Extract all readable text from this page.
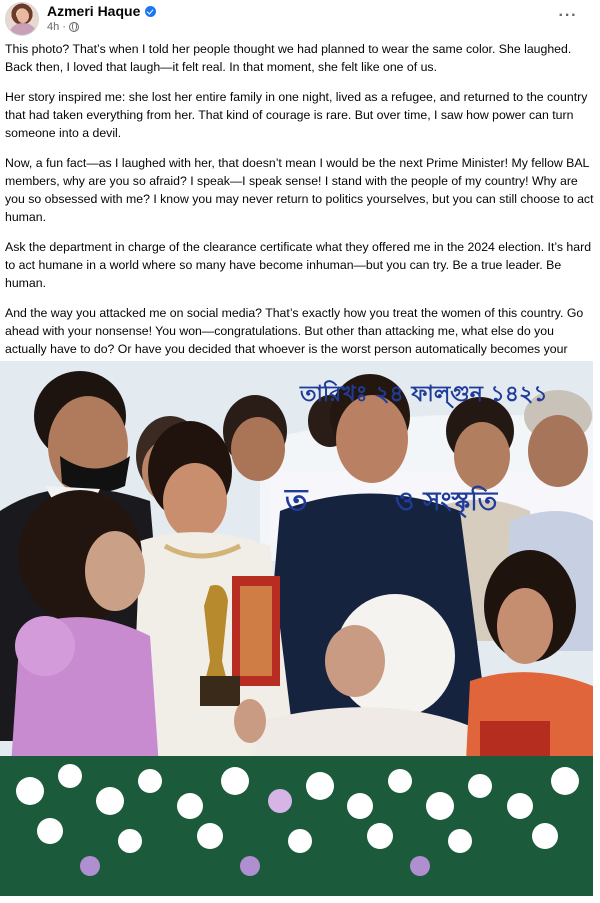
Azmeri Haque
4h ·
···

This photo? That’s when I told her people thought we had planned to wear the same color. She laughed. Back then, I loved that laugh—it felt real. In that moment, she felt like one of us.

Her story inspired me: she lost her entire family in one night, lived as a refugee, and returned to the country that had taken everything from her. That kind of courage is rare. But over time, I saw how power can turn someone into a devil.

Now, a fun fact—as I laughed with her, that doesn’t mean I would be the next Prime Minister! My fellow BAL members, why are you so afraid? I speak—I speak sense! I stand with the people of my country! Why are you so obsessed with me? I know you may never return to politics yourselves, but you can still choose to act human.

Ask the department in charge of the clearance certificate what they offered me in the 2024 election. It’s hard to act humane in a world where so many have become inhuman—but you can try. Be a true leader. Be human.

And the way you attacked me on social media? That’s exactly how you treat the women of this country. Go ahead with your nonsense! You won—congratulations. But other than attacking me, what else do you actually have to do? Or have you decided that whoever is the worst person automatically becomes your

তারিখঃ ২৪ ফাল্গুন ১৪২১
ত	ও সংস্কৃতি
